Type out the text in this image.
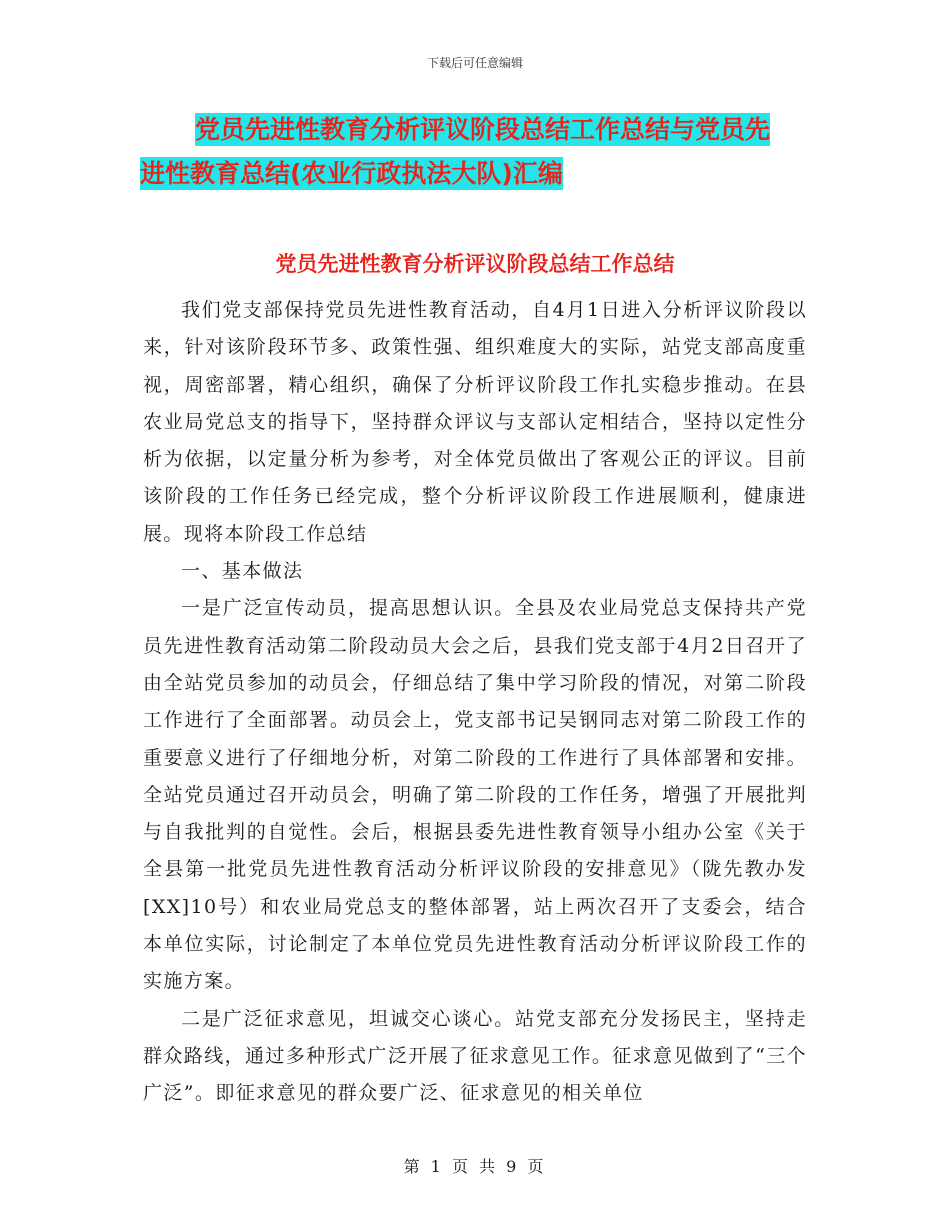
下载后可任意编辑
党员先进性教育分析评议阶段总结工作总结与党员先
进性教育总结(农业行政执法大队)汇编
党员先进性教育分析评议阶段总结工作总结

我们党支部保持党员先进性教育活动，自4月1日进入分析评议阶段以来，针对该阶段环节多、政策性强、组织难度大的实际，站党支部高度重视，周密部署，精心组织，确保了分析评议阶段工作扎实稳步推动。在县农业局党总支的指导下，坚持群众评议与支部认定相结合，坚持以定性分析为依据，以定量分析为参考，对全体党员做出了客观公正的评议。目前该阶段的工作任务已经完成，整个分析评议阶段工作进展顺利，健康进展。现将本阶段工作总结

一、基本做法

一是广泛宣传动员，提高思想认识。全县及农业局党总支保持共产党员先进性教育活动第二阶段动员大会之后，县我们党支部于4月2日召开了由全站党员参加的动员会，仔细总结了集中学习阶段的情况，对第二阶段工作进行了全面部署。动员会上，党支部书记吴钢同志对第二阶段工作的重要意义进行了仔细地分析，对第二阶段的工作进行了具体部署和安排。全站党员通过召开动员会，明确了第二阶段的工作任务，增强了开展批判与自我批判的自觉性。会后，根据县委先进性教育领导小组办公室《关于全县第一批党员先进性教育活动分析评议阶段的安排意见》（陇先教办发[XX]10号）和农业局党总支的整体部署，站上两次召开了支委会，结合本单位实际，讨论制定了本单位党员先进性教育活动分析评议阶段工作的实施方案。

二是广泛征求意见，坦诚交心谈心。站党支部充分发扬民主，坚持走群众路线，通过多种形式广泛开展了征求意见工作。征求意见做到了“三个广泛”。即征求意见的群众要广泛、征求意见的相关单位

第 1 页 共 9 页
